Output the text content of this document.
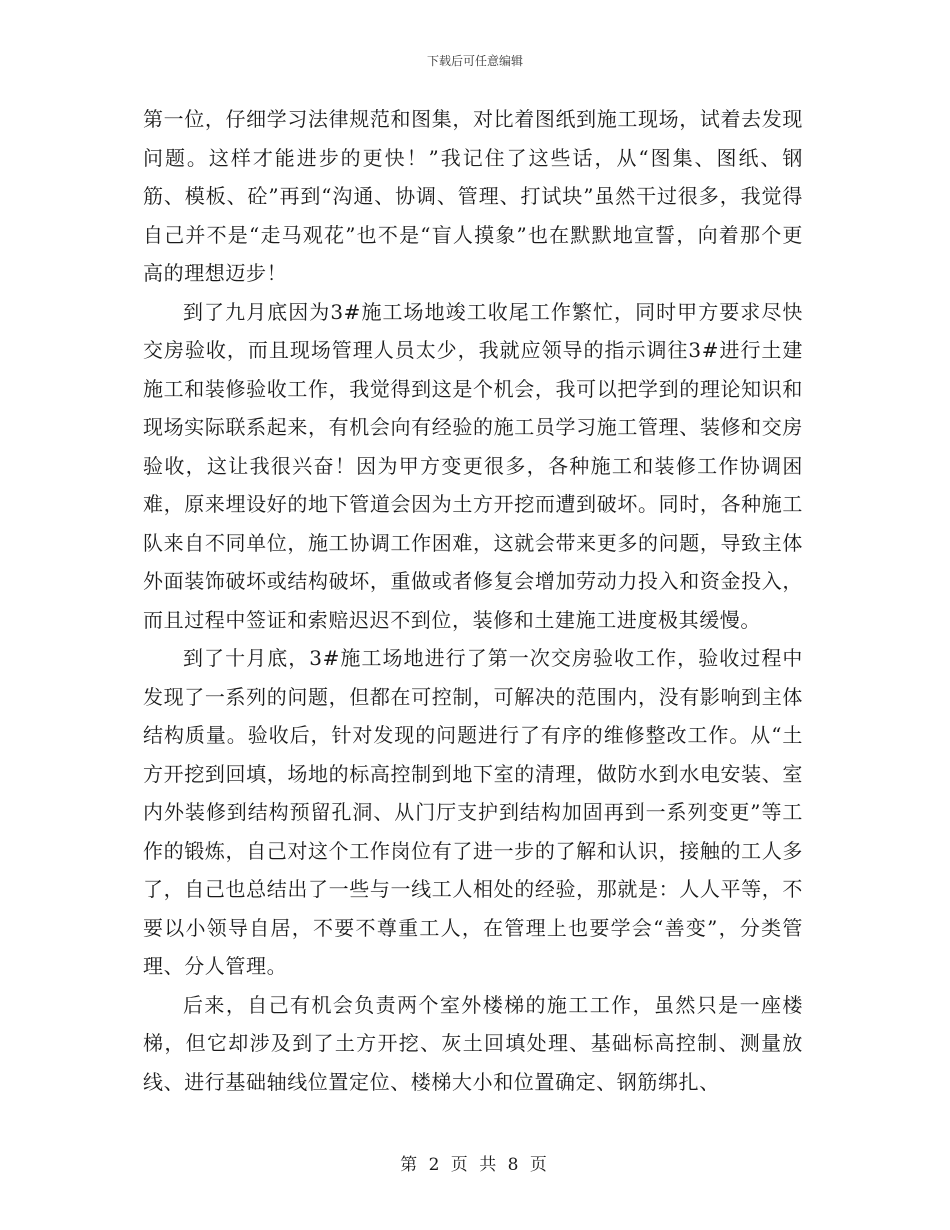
下载后可任意编辑

第一位，仔细学习法律规范和图集，对比着图纸到施工现场，试着去发现问题。这样才能进步的更快！”我记住了这些话，从“图集、图纸、钢筋、模板、砼”再到“沟通、协调、管理、打试块”虽然干过很多，我觉得自己并不是“走马观花”也不是“盲人摸象”也在默默地宣誓，向着那个更高的理想迈步！

到了九月底因为3#施工场地竣工收尾工作繁忙，同时甲方要求尽快交房验收，而且现场管理人员太少，我就应领导的指示调往3#进行土建施工和装修验收工作，我觉得到这是个机会，我可以把学到的理论知识和现场实际联系起来，有机会向有经验的施工员学习施工管理、装修和交房验收，这让我很兴奋！因为甲方变更很多，各种施工和装修工作协调困难，原来埋设好的地下管道会因为土方开挖而遭到破坏。同时，各种施工队来自不同单位，施工协调工作困难，这就会带来更多的问题，导致主体外面装饰破坏或结构破坏，重做或者修复会增加劳动力投入和资金投入，而且过程中签证和索赔迟迟不到位，装修和土建施工进度极其缓慢。

到了十月底，3#施工场地进行了第一次交房验收工作，验收过程中发现了一系列的问题，但都在可控制，可解决的范围内，没有影响到主体结构质量。验收后，针对发现的问题进行了有序的维修整改工作。从“土方开挖到回填，场地的标高控制到地下室的清理，做防水到水电安装、室内外装修到结构预留孔洞、从门厅支护到结构加固再到一系列变更”等工作的锻炼，自己对这个工作岗位有了进一步的了解和认识，接触的工人多了，自己也总结出了一些与一线工人相处的经验，那就是：人人平等，不要以小领导自居，不要不尊重工人，在管理上也要学会“善变”，分类管理、分人管理。

后来，自己有机会负责两个室外楼梯的施工工作，虽然只是一座楼梯，但它却涉及到了土方开挖、灰土回填处理、基础标高控制、测量放线、进行基础轴线位置定位、楼梯大小和位置确定、钢筋绑扎、

第 2 页 共 8 页
